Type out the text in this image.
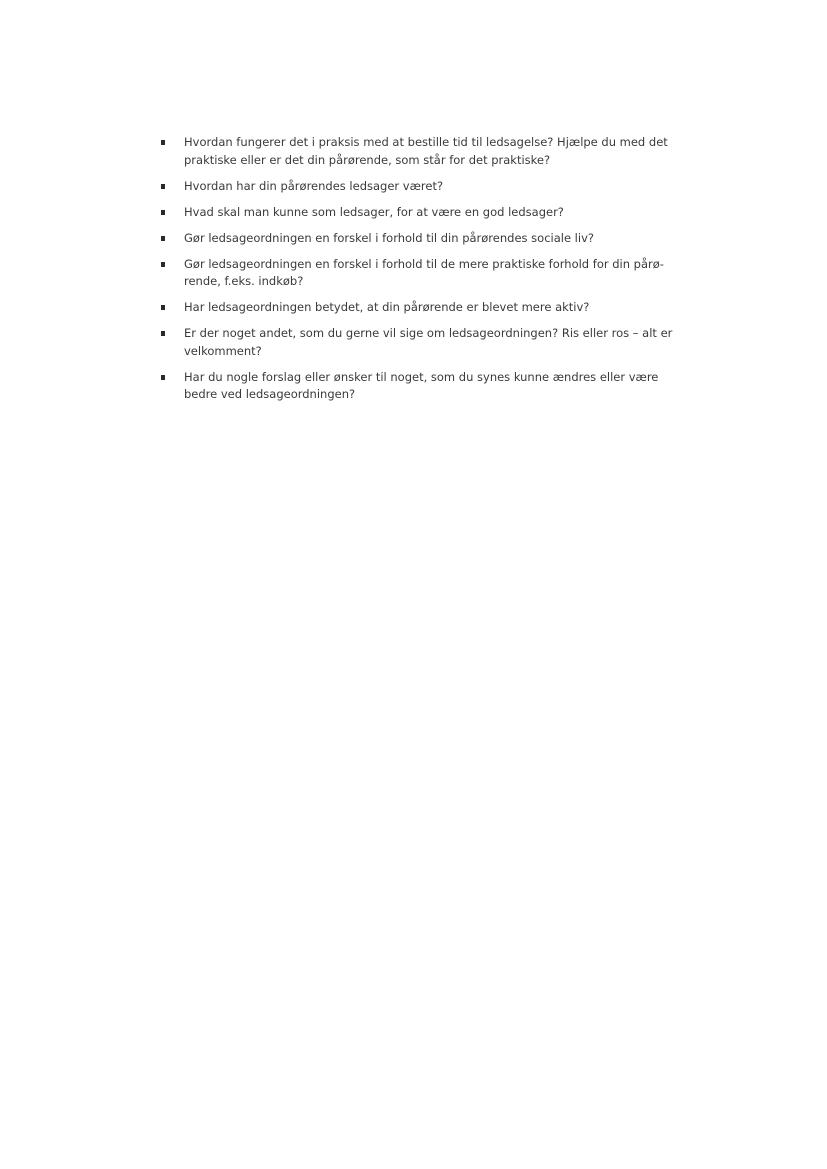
Hvordan fungerer det i praksis med at bestille tid til ledsagelse? Hjælpe du med det
praktiske eller er det din pårørende, som står for det praktiske?
Hvordan har din pårørendes ledsager været?
Hvad skal man kunne som ledsager, for at være en god ledsager?
Gør ledsageordningen en forskel i forhold til din pårørendes sociale liv?
Gør ledsageordningen en forskel i forhold til de mere praktiske forhold for din pårø-
rende, f.eks. indkøb?
Har ledsageordningen betydet, at din pårørende er blevet mere aktiv?
Er der noget andet, som du gerne vil sige om ledsageordningen? Ris eller ros – alt er
velkomment?
Har du nogle forslag eller ønsker til noget, som du synes kunne ændres eller være
bedre ved ledsageordningen?
